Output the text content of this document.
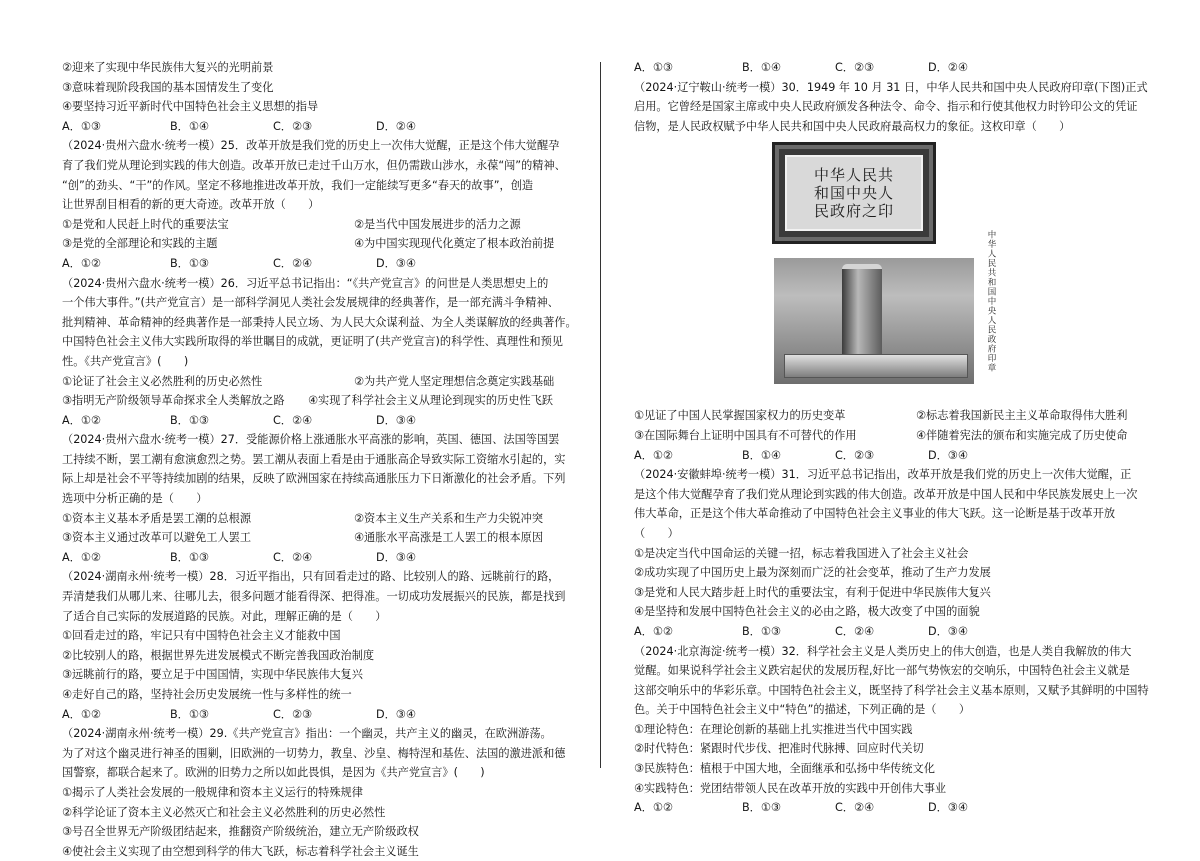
②迎来了实现中华民族伟大复兴的光明前景
③意味着现阶段我国的基本国情发生了变化
④要坚持习近平新时代中国特色社会主义思想的指导
A．①③	B．①④	C．②③	D．②④
（2024·贵州六盘水·统考一模）25．改革开放是我们党的历史上一次伟大觉醒，正是这个伟大觉醒孕
育了我们党从理论到实践的伟大创造。改革开放已走过千山万水，但仍需跋山涉水，永葆“闯”的精神、
“创”的劲头、“干”的作风。坚定不移地推进改革开放，我们一定能续写更多“春天的故事”，创造
让世界刮目相看的新的更大奇迹。改革开放（　　）
①是党和人民赶上时代的重要法宝	②是当代中国发展进步的活力之源
③是党的全部理论和实践的主题	④为中国实现现代化奠定了根本政治前提
A．①②	B．①③	C．②④	D．③④
（2024·贵州六盘水·统考一模）26．习近平总书记指出：“《共产党宣言》的问世是人类思想史上的
一个伟大事件。”(共产党宣言）是一部科学洞见人类社会发展规律的经典著作，是一部充满斗争精神、
批判精神、革命精神的经典著作是一部秉持人民立场、为人民大众谋利益、为全人类谋解放的经典著作。
中国特色社会主义伟大实践所取得的举世瞩目的成就，更证明了(共产党宣言)的科学性、真理性和预见
性。《共产党宣言》(　　)
①论证了社会主义必然胜利的历史必然性	②为共产党人坚定理想信念奠定实践基础
③指明无产阶级领导革命探求全人类解放之路	④实现了科学社会主义从理论到现实的历史性飞跃
A．①②	B．①③	C．②④	D．③④
（2024·贵州六盘水·统考一模）27．受能源价格上涨通胀水平高涨的影响，英国、德国、法国等国罢
工持续不断，罢工潮有愈演愈烈之势。罢工潮从表面上看是由于通胀高企导致实际工资缩水引起的，实
际上却是社会不平等持续加剧的结果，反映了欧洲国家在持续高通胀压力下日渐激化的社会矛盾。下列
选项中分析正确的是（　　）
①资本主义基本矛盾是罢工潮的总根源	②资本主义生产关系和生产力尖锐冲突
③资本主义通过改革可以避免工人罢工	④通胀水平高涨是工人罢工的根本原因
A．①②	B．①③	C．②④	D．③④
（2024·湖南永州·统考一模）28．习近平指出，只有回看走过的路、比较别人的路、远眺前行的路，
弄清楚我们从哪儿来、往哪儿去，很多问题才能看得深、把得准。一切成功发展振兴的民族，都是找到
了适合自己实际的发展道路的民族。对此，理解正确的是（　　）
①回看走过的路，牢记只有中国特色社会主义才能救中国
②比较别人的路，根据世界先进发展模式不断完善我国政治制度
③远眺前行的路，要立足于中国国情，实现中华民族伟大复兴
④走好自己的路，坚持社会历史发展统一性与多样性的统一
A．①②	B．①③	C．②③	D．③④
（2024·湖南永州·统考一模）29.《共产党宣言》指出：一个幽灵，共产主义的幽灵，在欧洲游荡。
为了对这个幽灵进行神圣的围剿，旧欧洲的一切势力，教皇、沙皇、梅特涅和基佐、法国的激进派和德
国警察，都联合起来了。欧洲的旧势力之所以如此畏惧，是因为《共产党宣言》(　　)
①揭示了人类社会发展的一般规律和资本主义运行的特殊规律
②科学论证了资本主义必然灭亡和社会主义必然胜利的历史必然性
③号召全世界无产阶级团结起来，推翻资产阶级统治，建立无产阶级政权
④使社会主义实现了由空想到科学的伟大飞跃，标志着科学社会主义诞生
A．①③	B．①④	C．②③	D．②④
（2024·辽宁鞍山·统考一模）30．1949 年 10 月 31 日，中华人民共和国中央人民政府印章(下图)正式
启用。它曾经是国家主席或中央人民政府颁发各种法令、命令、指示和行使其他权力时钤印公文的凭证
信物，是人民政权赋予中华人民共和国中央人民政府最高权力的象征。这枚印章（　　）
中华人民共
和国中央人
民政府之印
中华人民共和国中央人民政府印章
①见证了中国人民掌握国家权力的历史变革	②标志着我国新民主主义革命取得伟大胜利
③在国际舞台上证明中国具有不可替代的作用	④伴随着宪法的颁布和实施完成了历史使命
A．①②	B．①④	C．②③	D．③④
（2024·安徽蚌埠·统考一模）31．习近平总书记指出，改革开放是我们党的历史上一次伟大觉醒，正
是这个伟大觉醒孕育了我们党从理论到实践的伟大创造。改革开放是中国人民和中华民族发展史上一次
伟大革命，正是这个伟大革命推动了中国特色社会主义事业的伟大飞跃。这一论断是基于改革开放
（　　）
①是决定当代中国命运的关键一招，标志着我国进入了社会主义社会
②成功实现了中国历史上最为深刻而广泛的社会变革，推动了生产力发展
③是党和人民大踏步赶上时代的重要法宝，有利于促进中华民族伟大复兴
④是坚持和发展中国特色社会主义的必由之路，极大改变了中国的面貌
A．①②	B．①③	C．②④	D．③④
（2024·北京海淀·统考一模）32．科学社会主义是人类历史上的伟大创造，也是人类自我解放的伟大
觉醒。如果说科学社会主义跌宕起伏的发展历程,好比一部气势恢宏的交响乐，中国特色社会主义就是
这部交响乐中的华彩乐章。中国特色社会主义，既坚持了科学社会主义基本原则，又赋予其鲜明的中国特
色。关于中国特色社会主义中“特色”的描述，下列正确的是（　　）
①理论特色：在理论创新的基础上扎实推进当代中国实践
②时代特色：紧跟时代步伐、把准时代脉搏、回应时代关切
③民族特色：植根于中国大地，全面继承和弘扬中华传统文化
④实践特色：党团结带领人民在改革开放的实践中开创伟大事业
A．①②	B．①③	C．②④	D．③④
